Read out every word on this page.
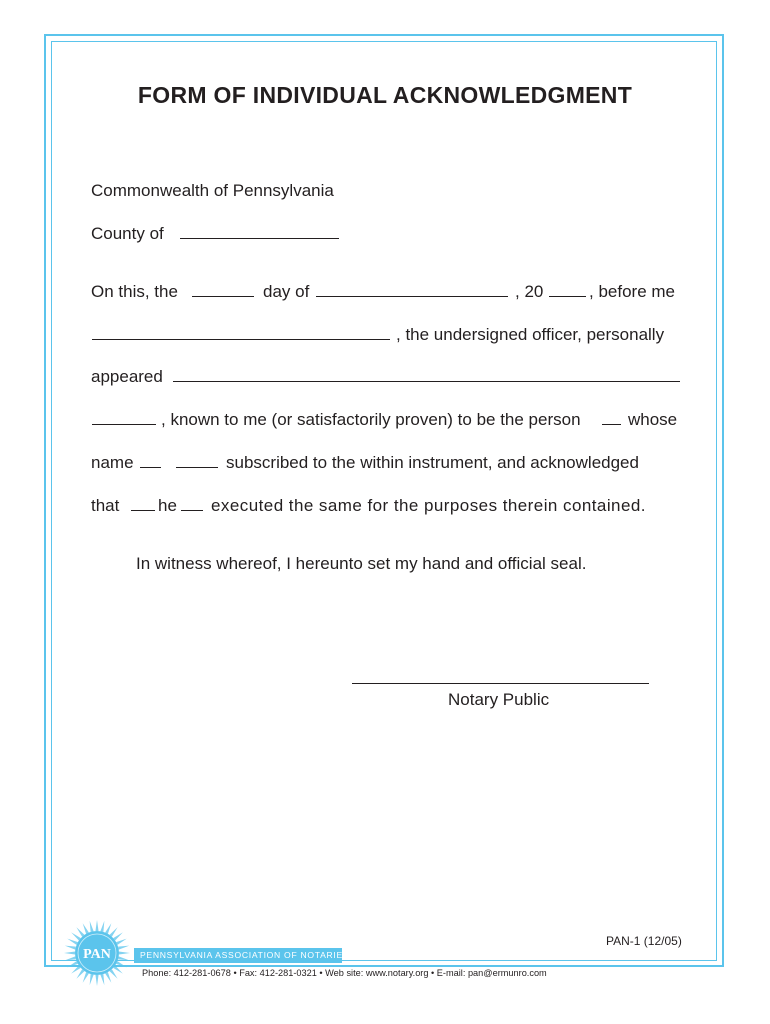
FORM OF INDIVIDUAL ACKNOWLEDGMENT
Commonwealth of Pennsylvania
County of
On this, the	day of	, 20	, before me
, the undersigned officer, personally
appeared
, known to me (or satisfactorily proven) to be the person	whose
name	subscribed to the within instrument, and acknowledged
that he executed the same for the purposes therein contained.
In witness whereof, I hereunto set my hand and official seal.
Notary Public
PAN-1 (12/05)
PAN	PENNSYLVANIA ASSOCIATION OF NOTARIES
Phone: 412-281-0678 • Fax: 412-281-0321 • Web site: www.notary.org • E-mail: pan@ermunro.com
